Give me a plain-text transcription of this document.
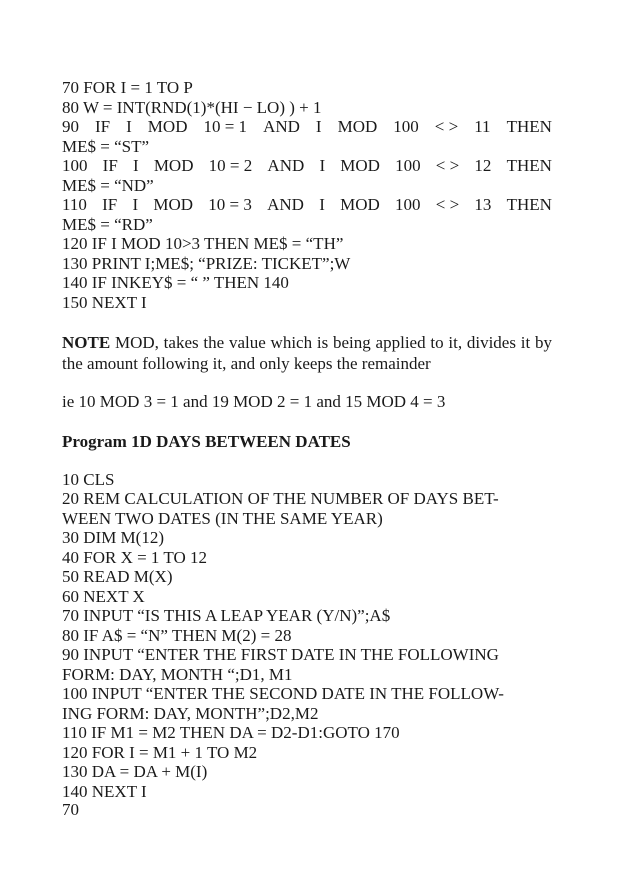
70 FOR I = 1 TO P
80 W = INT(RND(1)*(HI − LO) ) + 1
90 IF I MOD 10 = 1 AND I MOD 100 < > 11 THEN
ME$ = “ST”
100 IF I MOD 10 = 2 AND I MOD 100 < > 12 THEN
ME$ = “ND”
110 IF I MOD 10 = 3 AND I MOD 100 < > 13 THEN
ME$ = “RD”
120 IF I MOD 10>3 THEN ME$ = “TH”
130 PRINT I;ME$; “PRIZE: TICKET”;W
140 IF INKEY$ = “ ” THEN 140
150 NEXT I
NOTE MOD, takes the value which is being applied to it, divides it by the amount following it, and only keeps the remainder
ie 10 MOD 3 = 1 and 19 MOD 2 = 1 and 15 MOD 4 = 3
Program 1D DAYS BETWEEN DATES
10 CLS
20 REM CALCULATION OF THE NUMBER OF DAYS BET-
WEEN TWO DATES (IN THE SAME YEAR)
30 DIM M(12)
40 FOR X = 1 TO 12
50 READ M(X)
60 NEXT X
70 INPUT “IS THIS A LEAP YEAR (Y/N)”;A$
80 IF A$ = “N” THEN M(2) = 28
90 INPUT “ENTER THE FIRST DATE IN THE FOLLOWING
FORM: DAY, MONTH “;D1, M1
100 INPUT “ENTER THE SECOND DATE IN THE FOLLOW-
ING FORM: DAY, MONTH”;D2,M2
110 IF M1 = M2 THEN DA = D2-D1:GOTO 170
120 FOR I = M1 + 1 TO M2
130 DA = DA + M(I)
140 NEXT I
70
